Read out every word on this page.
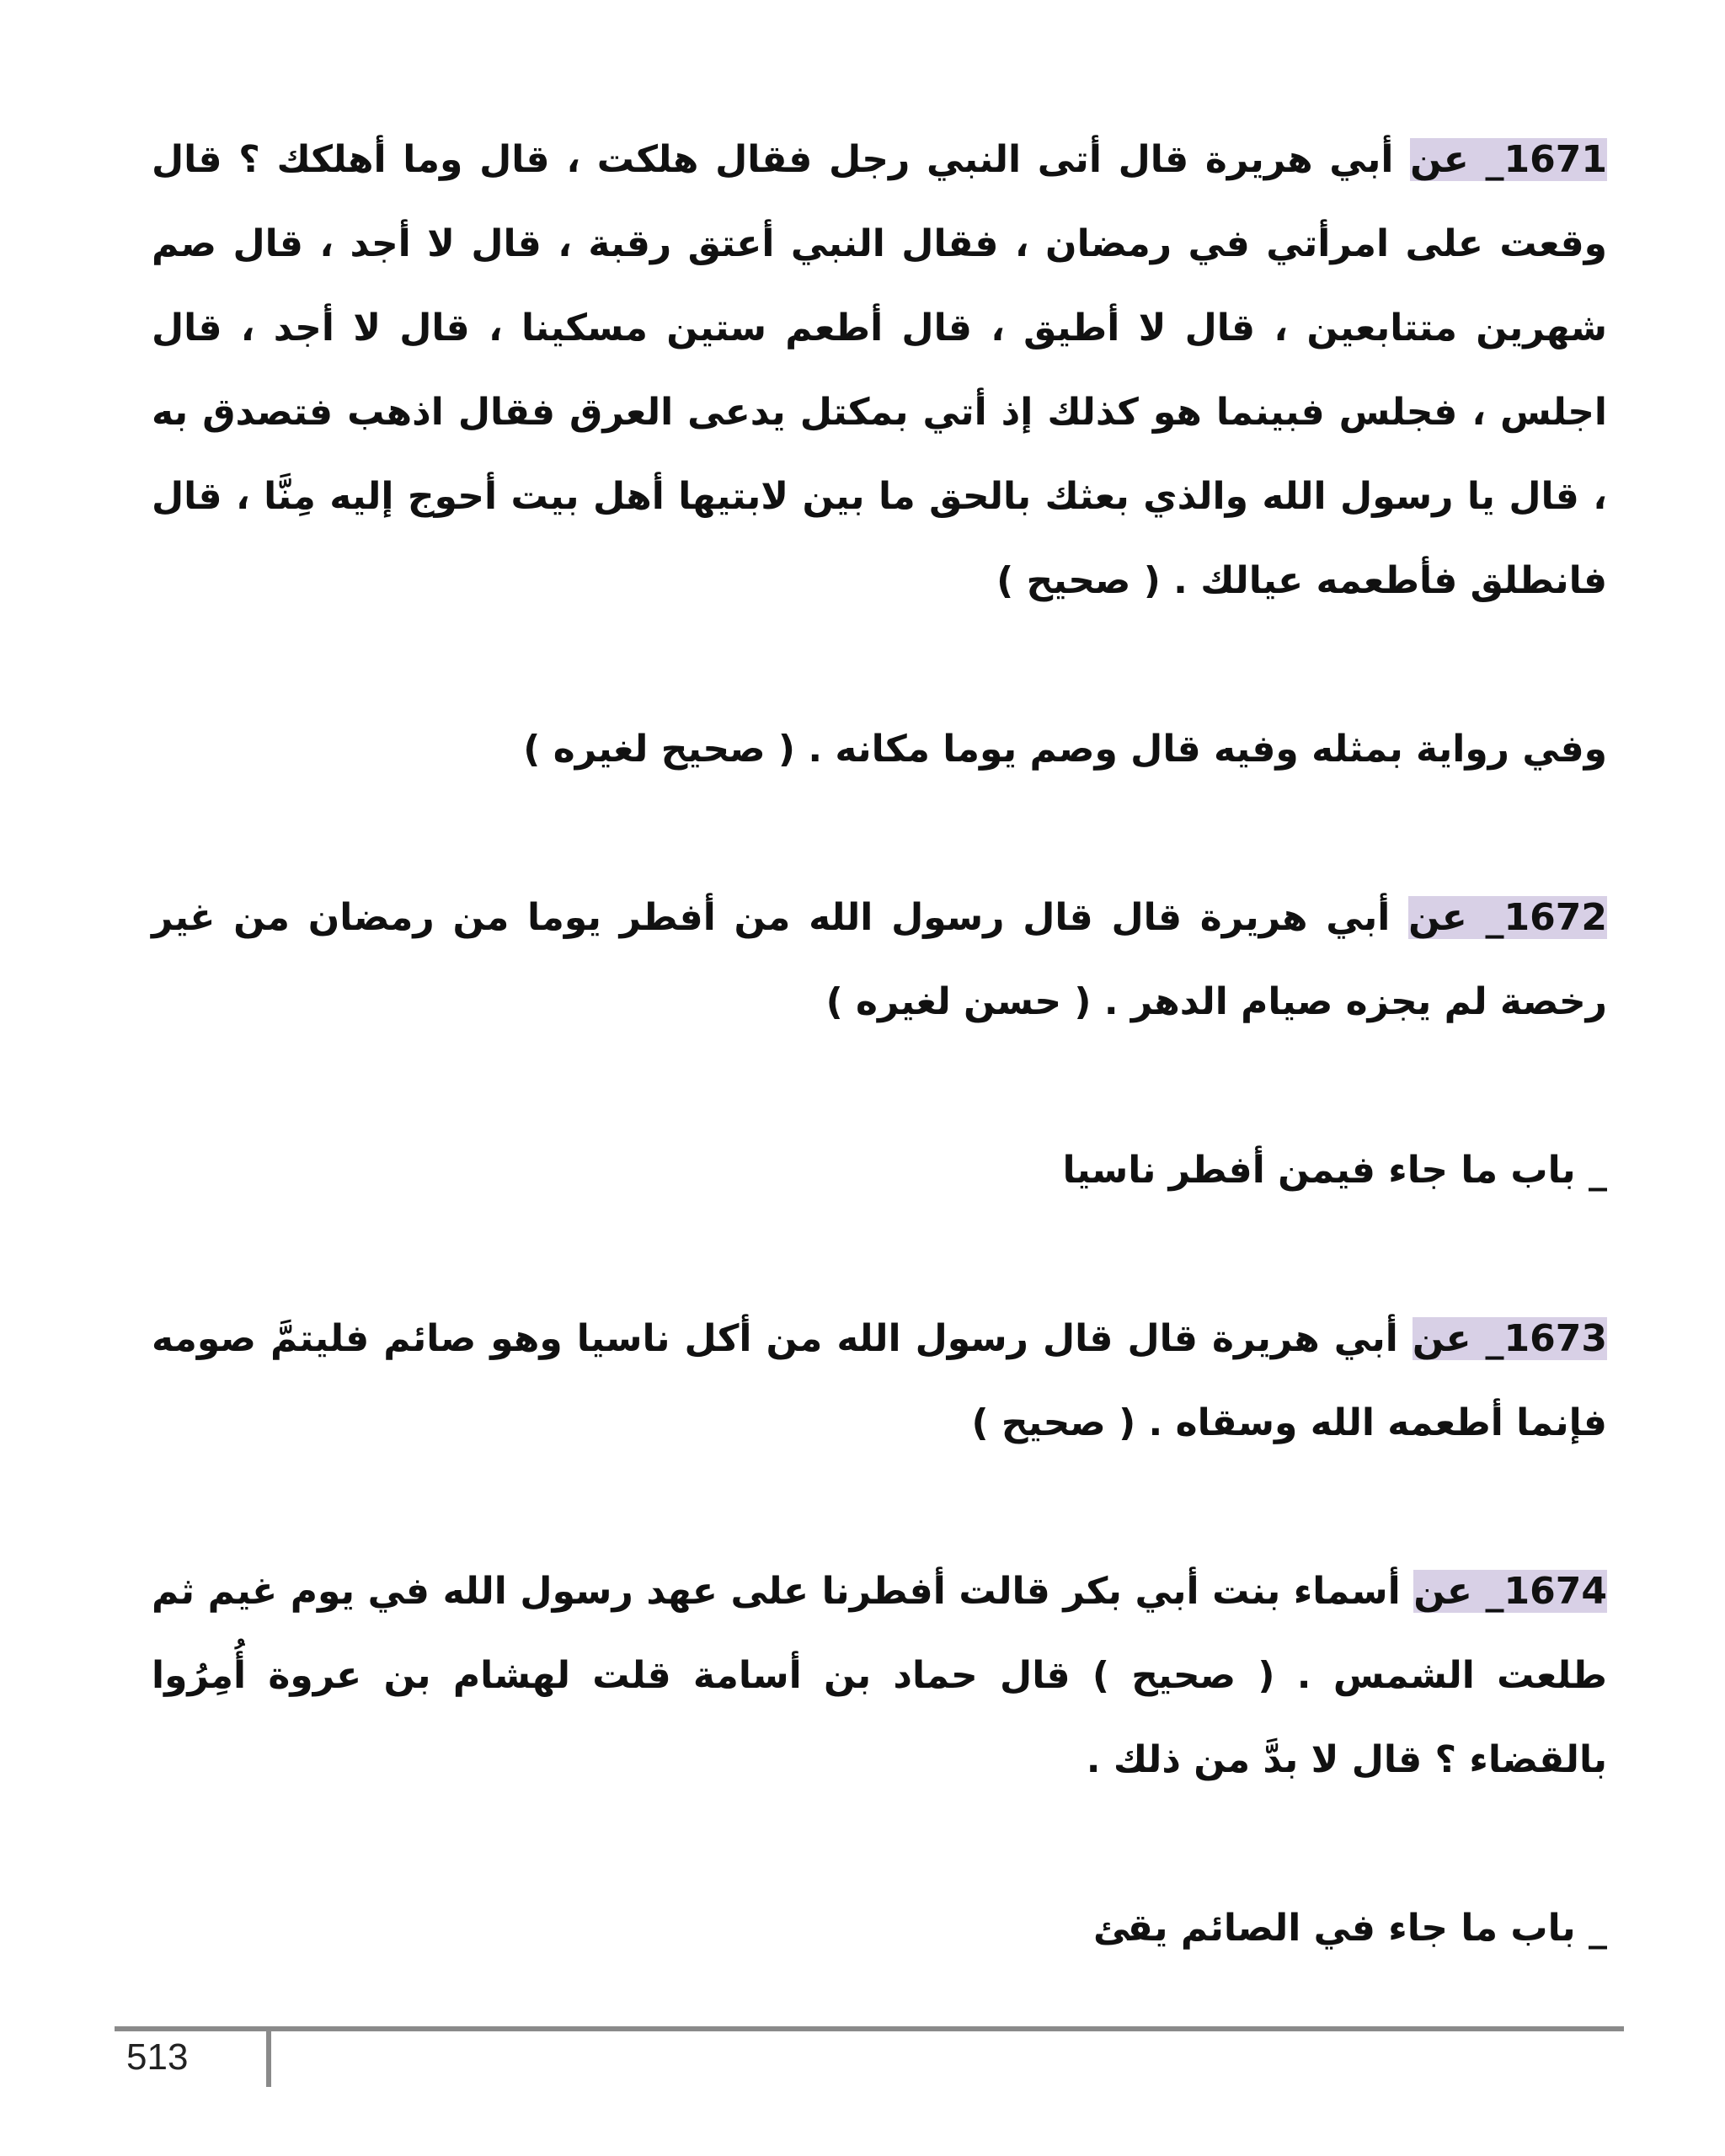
1671_ عن أبي هريرة قال أتى النبي رجل فقال هلكت ، قال وما أهلكك ؟ قال وقعت على امرأتي في رمضان ، فقال النبي أعتق رقبة ، قال لا أجد ، قال صم شهرين متتابعين ، قال لا أطيق ، قال أطعم ستين مسكينا ، قال لا أجد ، قال اجلس ، فجلس فبينما هو كذلك إذ أتي بمكتل يدعى العرق فقال اذهب فتصدق به ، قال يا رسول الله والذي بعثك بالحق ما بين لابتيها أهل بيت أحوج إليه مِنَّا ، قال فانطلق فأطعمه عيالك . ( صحيح )

وفي رواية بمثله وفيه قال وصم يوما مكانه . ( صحيح لغيره )

1672_ عن أبي هريرة قال قال رسول الله من أفطر يوما من رمضان من غير رخصة لم يجزه صيام الدهر . ( حسن لغيره )

_ باب ما جاء فيمن أفطر ناسيا

1673_ عن أبي هريرة قال قال رسول الله من أكل ناسيا وهو صائم فليتمَّ صومه فإنما أطعمه الله وسقاه . ( صحيح )

1674_ عن أسماء بنت أبي بكر قالت أفطرنا على عهد رسول الله في يوم غيم ثم طلعت الشمس . ( صحيح ) قال حماد بن أسامة قلت لهشام بن عروة أُمِرُوا بالقضاء ؟ قال لا بدَّ من ذلك .

_ باب ما جاء في الصائم يقئ

513
